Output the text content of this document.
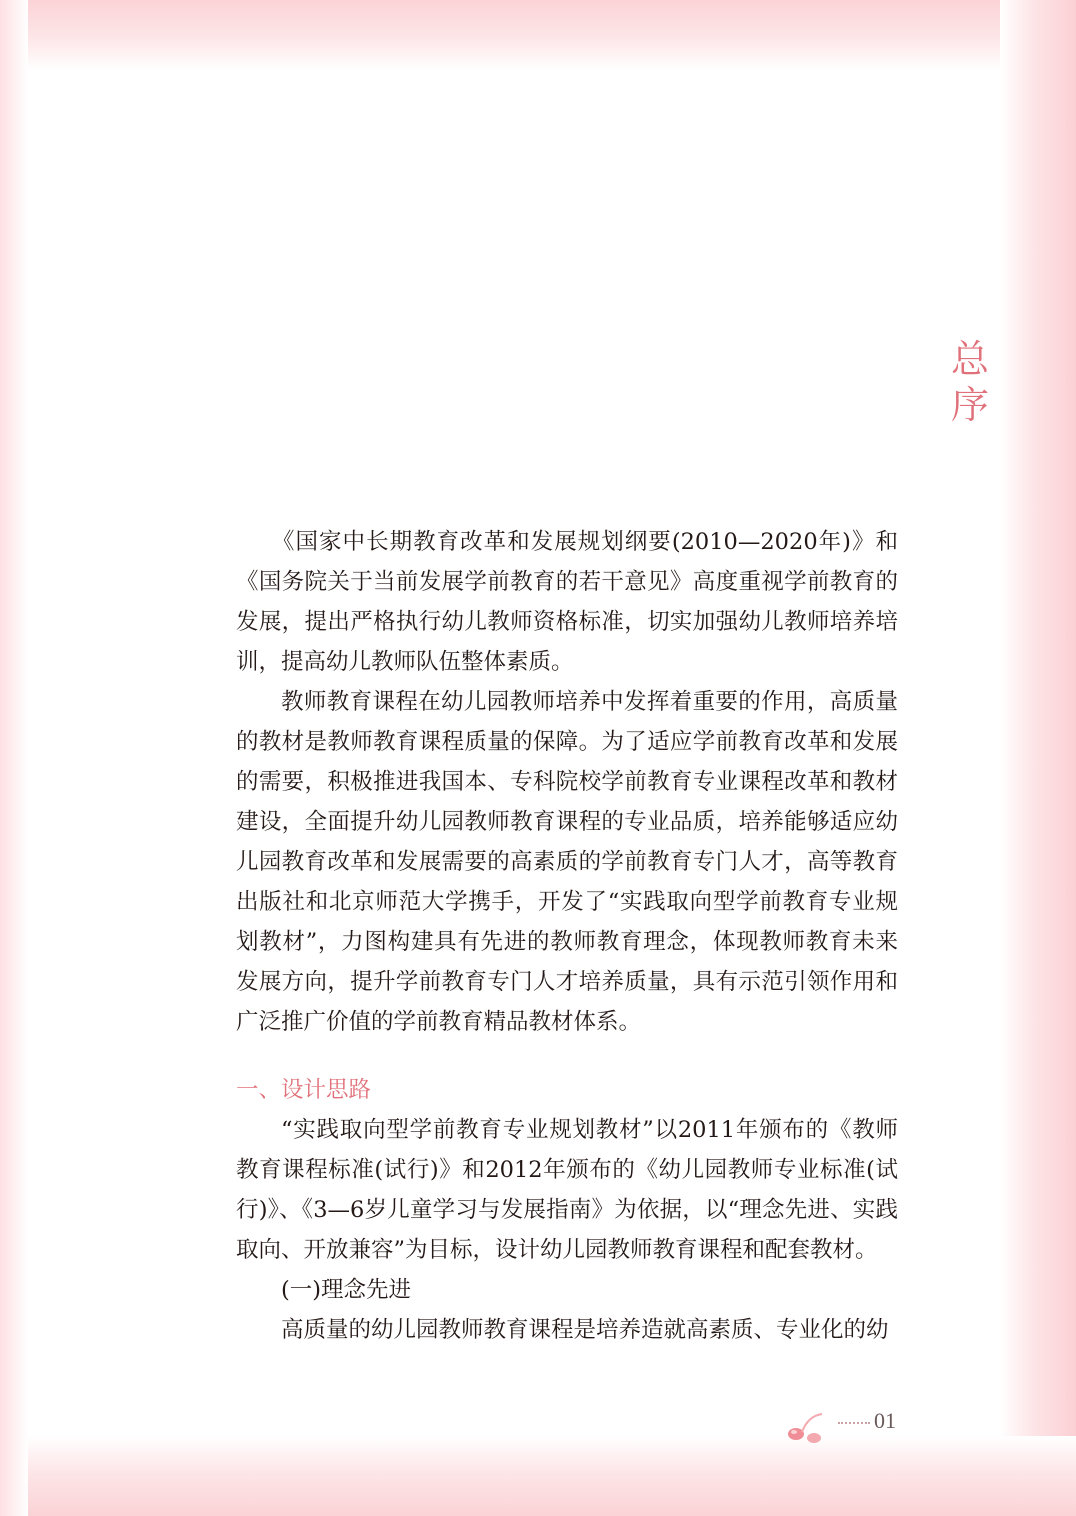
总
序

《国家中长期教育改革和发展规划纲要(2010—2020年)》和《国务院关于当前发展学前教育的若干意见》高度重视学前教育的发展，提出严格执行幼儿教师资格标准，切实加强幼儿教师培养培训，提高幼儿教师队伍整体素质。

教师教育课程在幼儿园教师培养中发挥着重要的作用，高质量的教材是教师教育课程质量的保障。为了适应学前教育改革和发展的需要，积极推进我国本、专科院校学前教育专业课程改革和教材建设，全面提升幼儿园教师教育课程的专业品质，培养能够适应幼儿园教育改革和发展需要的高素质的学前教育专门人才，高等教育出版社和北京师范大学携手，开发了“实践取向型学前教育专业规划教材”，力图构建具有先进的教师教育理念，体现教师教育未来发展方向，提升学前教育专门人才培养质量，具有示范引领作用和广泛推广价值的学前教育精品教材体系。

一、设计思路

“实践取向型学前教育专业规划教材”以2011年颁布的《教师教育课程标准(试行)》和2012年颁布的《幼儿园教师专业标准(试行)》、《3—6岁儿童学习与发展指南》为依据，以“理念先进、实践取向、开放兼容”为目标，设计幼儿园教师教育课程和配套教材。

(一)理念先进

高质量的幼儿园教师教育课程是培养造就高素质、专业化的幼

01
